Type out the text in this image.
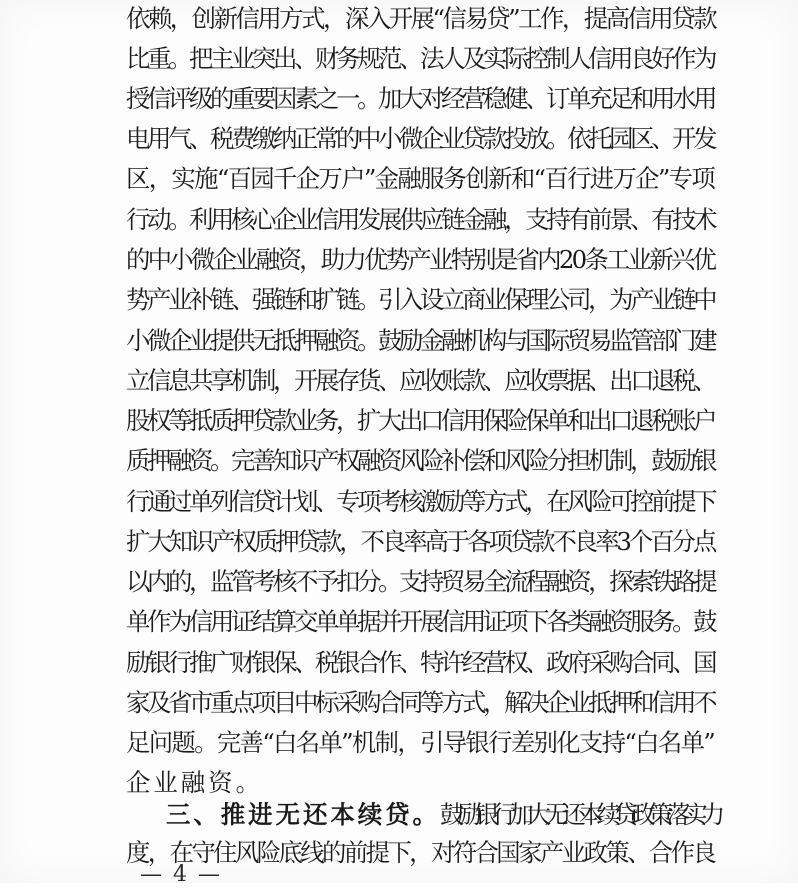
依赖，创新信用方式，深入开展“信易贷”工作，提高信用贷款
比重。把主业突出、财务规范、法人及实际控制人信用良好作为
授信评级的重要因素之一。加大对经营稳健、订单充足和用水用
电用气、税费缴纳正常的中小微企业贷款投放。依托园区、开发
区，实施“百园千企万户”金融服务创新和“百行进万企”专项
行动。利用核心企业信用发展供应链金融，支持有前景、有技术
的中小微企业融资，助力优势产业特别是省内20条工业新兴优
势产业补链、强链和扩链。引入设立商业保理公司，为产业链中
小微企业提供无抵押融资。鼓励金融机构与国际贸易监管部门建
立信息共享机制，开展存货、应收账款、应收票据、出口退税、
股权等抵质押贷款业务，扩大出口信用保险保单和出口退税账户
质押融资。完善知识产权融资风险补偿和风险分担机制，鼓励银
行通过单列信贷计划、专项考核激励等方式，在风险可控前提下
扩大知识产权质押贷款，不良率高于各项贷款不良率3个百分点
以内的，监管考核不予扣分。支持贸易全流程融资，探索铁路提
单作为信用证结算交单单据并开展信用证项下各类融资服务。鼓
励银行推广财银保、税银合作、特许经营权、政府采购合同、国
家及省市重点项目中标采购合同等方式，解决企业抵押和信用不
足问题。完善“白名单”机制，引导银行差别化支持“白名单”
企业融资。
三、推进无还本续贷。鼓励银行加大无还本续贷政策落实力
度，在守住风险底线的前提下，对符合国家产业政策、合作良
— 4 —
